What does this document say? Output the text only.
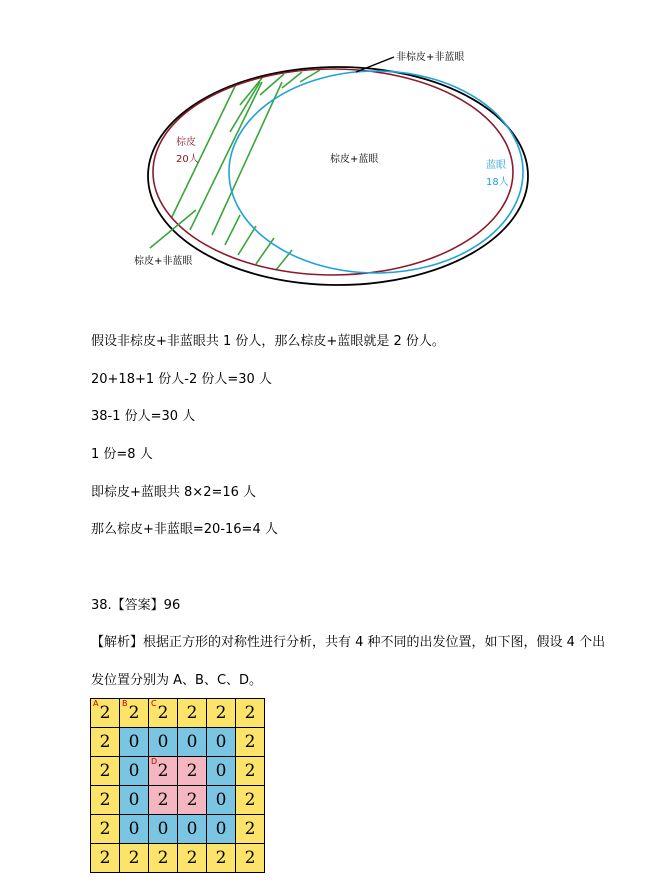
非棕皮+非蓝眼
棕皮
20人	棕皮+蓝眼
蓝眼
18人
棕皮+非蓝眼
假设非棕皮+非蓝眼共 1 份人，那么棕皮+蓝眼就是 2 份人。
20+18+1 份人-2 份人=30 人
38-1 份人=30 人
1 份=8 人
即棕皮+蓝眼共 8×2=16 人
那么棕皮+非蓝眼=20-16=4 人
38.【答案】96
【解析】根据正方形的对称性进行分析，共有 4 种不同的出发位置，如下图，假设 4 个出
发位置分别为 A、B、C、D。
A 2	B 2	C 2	2	2	2
2	0	0	0	0	2
2	0	D 2	2	0	2
2	0	2	2	0	2
2	0	0	0	0	2
2	2	2	2	2	2
